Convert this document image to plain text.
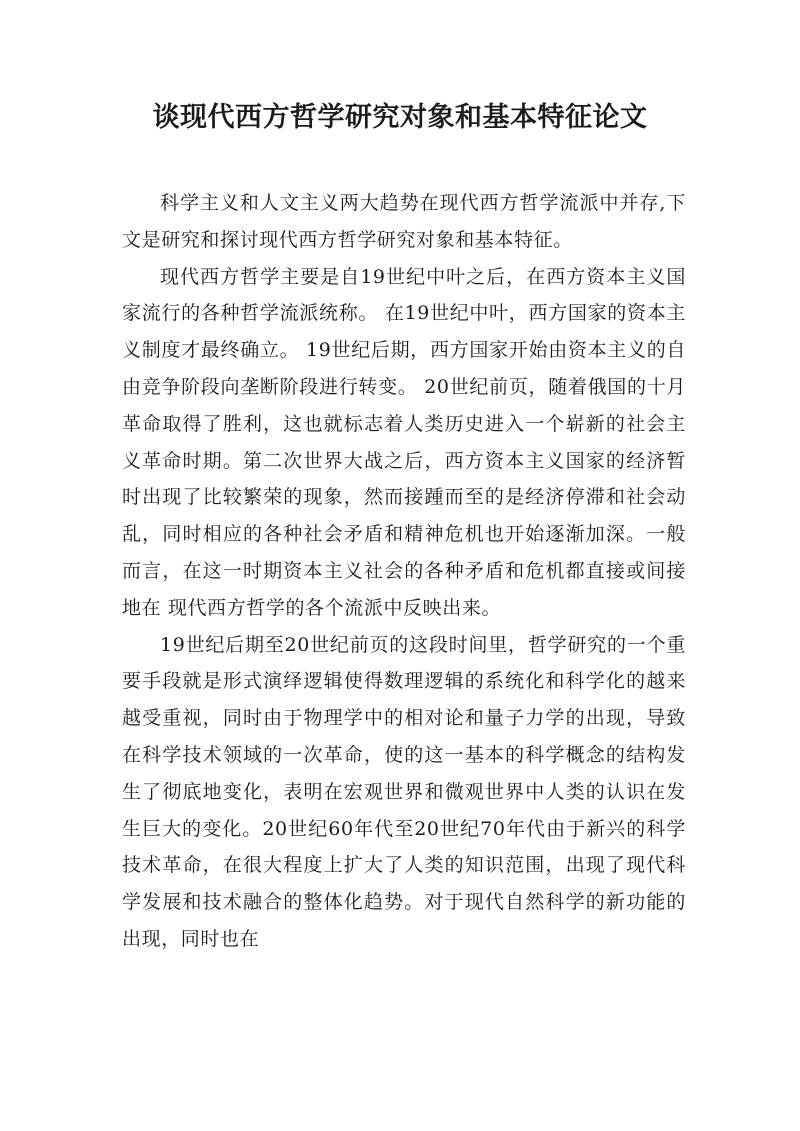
谈现代西方哲学研究对象和基本特征论文

科学主义和人文主义两大趋势在现代西方哲学流派中并存,下文是研究和探讨现代西方哲学研究对象和基本特征。

现代西方哲学主要是自19世纪中叶之后，在西方资本主义国家流行的各种哲学流派统称。 在19世纪中叶，西方国家的资本主义制度才最终确立。 19世纪后期，西方国家开始由资本主义的自由竞争阶段向垄断阶段进行转变。 20世纪前页，随着俄国的十月革命取得了胜利，这也就标志着人类历史进入一个崭新的社会主义革命时期。第二次世界大战之后，西方资本主义国家的经济暂时出现了比较繁荣的现象，然而接踵而至的是经济停滞和社会动乱，同时相应的各种社会矛盾和精神危机也开始逐渐加深。一般而言，在这一时期资本主义社会的各种矛盾和危机都直接或间接地在 现代西方哲学的各个流派中反映出来。

19世纪后期至20世纪前页的这段时间里，哲学研究的一个重要手段就是形式演绎逻辑使得数理逻辑的系统化和科学化的越来越受重视，同时由于物理学中的相对论和量子力学的出现，导致在科学技术领域的一次革命，使的这一基本的科学概念的结构发生了彻底地变化，表明在宏观世界和微观世界中人类的认识在发生巨大的变化。20世纪60年代至20世纪70年代由于新兴的科学技术革命，在很大程度上扩大了人类的知识范围，出现了现代科学发展和技术融合的整体化趋势。对于现代自然科学的新功能的出现，同时也在
